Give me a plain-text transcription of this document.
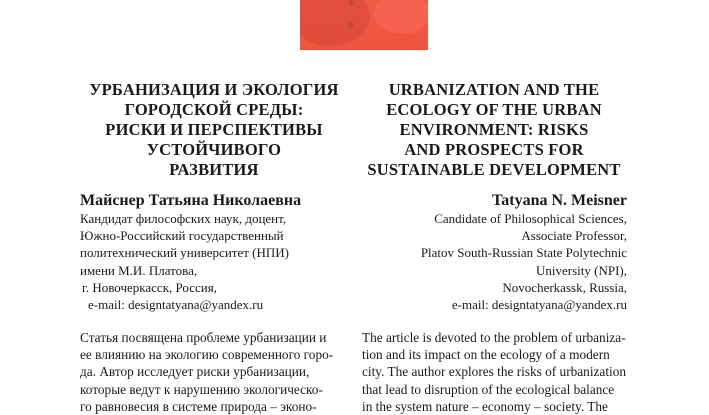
УРБАНИЗАЦИЯ И ЭКОЛОГИЯ
ГОРОДСКОЙ СРЕДЫ:
РИСКИ И ПЕРСПЕКТИВЫ
УСТОЙЧИВОГО
РАЗВИТИЯ
URBANIZATION AND THE
ECOLOGY OF THE URBAN
ENVIRONMENT: RISKS
AND PROSPECTS FOR
SUSTAINABLE DEVELOPMENT
Майснер Татьяна Николаевна	Tatyana N. Meisner
Кандидат философских наук, доцент,
Южно-Российский государственный
политехнический университет (НПИ)
имени М.И. Платова,
г. Новочеркасск, Россия,
e-mail: designtatyana@yandex.ru
Candidate of Philosophical Sciences,
Associate Professor,
Platov South-Russian State Polytechnic
University (NPI),
Novocherkassk, Russia,
e-mail: designtatyana@yandex.ru
Статья посвящена проблеме урбанизации и
ее влиянию на экологию современного горо-
да. Автор исследует риски урбанизации,
которые ведут к нарушению экологическо-
го равновесия в системе природа – эконо-
The article is devoted to the problem of urbaniza-
tion and its impact on the ecology of a modern
city. The author explores the risks of urbanization
that lead to disruption of the ecological balance
in the system nature – economy – society. The
